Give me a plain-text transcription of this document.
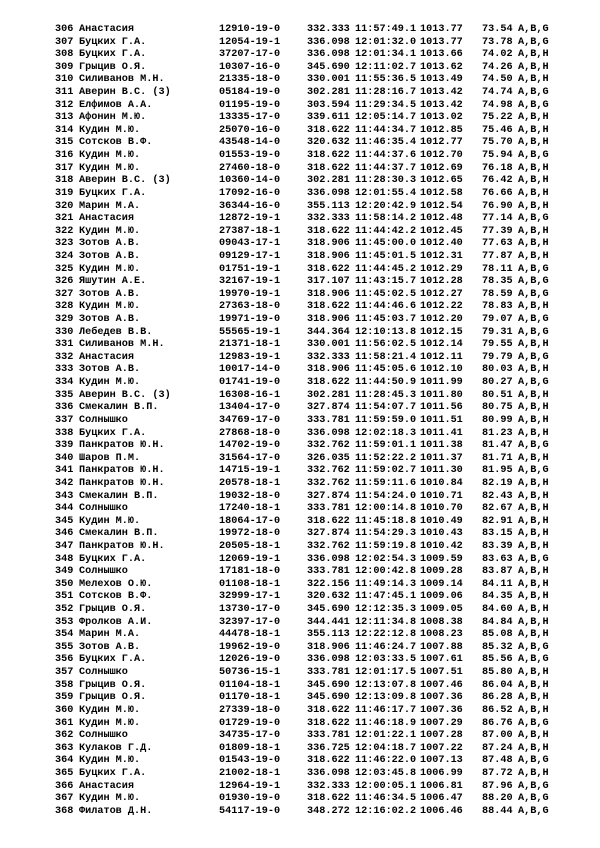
306 Анастасия	12910-19-0	332.333 11:57:49.1 1013.77 73.54 A,B,G
307 Буцких Г.А.	12054-19-1	336.098 12:01:32.0 1013.77 73.78 A,B,G
308 Буцких Г.А.	37207-17-0	336.098 12:01:34.1 1013.66 74.02 A,B,H
309 Грыцив О.Я.	10307-16-0	345.690 12:11:02.7 1013.62 74.26 A,B,H
310 Силиванов М.Н.	21335-18-0	330.001 11:55:36.5 1013.49 74.50 A,B,H
311 Аверин В.С. (3)	05184-19-0	302.281 11:28:16.7 1013.42 74.74 A,B,G
312 Елфимов А.А.	01195-19-0	303.594 11:29:34.5 1013.42 74.98 A,B,G
313 Афонин М.Ю.	13335-17-0	339.611 12:05:14.7 1013.02 75.22 A,B,H
314 Кудин М.Ю.	25070-16-0	318.622 11:44:34.7 1012.85 75.46 A,B,H
315 Сотсков В.Ф.	43548-14-0	320.632 11:46:35.4 1012.77 75.70 A,B,H
316 Кудин М.Ю.	01553-19-0	318.622 11:44:37.6 1012.70 75.94 A,B,G
317 Кудин М.Ю.	27460-18-0	318.622 11:44:37.7 1012.69 76.18 A,B,H
318 Аверин В.С. (3)	10360-14-0	302.281 11:28:30.3 1012.65 76.42 A,B,H
319 Буцких Г.А.	17092-16-0	336.098 12:01:55.4 1012.58 76.66 A,B,H
320 Марин М.А.	36344-16-0	355.113 12:20:42.9 1012.54 76.90 A,B,H
321 Анастасия	12872-19-1	332.333 11:58:14.2 1012.48 77.14 A,B,G
322 Кудин М.Ю.	27387-18-1	318.622 11:44:42.2 1012.45 77.39 A,B,H
323 Зотов А.В.	09043-17-1	318.906 11:45:00.0 1012.40 77.63 A,B,H
324 Зотов А.В.	09129-17-1	318.906 11:45:01.5 1012.31 77.87 A,B,H
325 Кудин М.Ю.	01751-19-1	318.622 11:44:45.2 1012.29 78.11 A,B,G
326 Яшутин А.Е.	32167-19-1	317.107 11:43:15.7 1012.28 78.35 A,B,G
327 Зотов А.В.	19970-19-1	318.906 11:45:02.5 1012.27 78.59 A,B,G
328 Кудин М.Ю.	27363-18-0	318.622 11:44:46.6 1012.22 78.83 A,B,H
329 Зотов А.В.	19971-19-0	318.906 11:45:03.7 1012.20 79.07 A,B,G
330 Лебедев В.В.	55565-19-1	344.364 12:10:13.8 1012.15 79.31 A,B,G
331 Силиванов М.Н.	21371-18-1	330.001 11:56:02.5 1012.14 79.55 A,B,H
332 Анастасия	12983-19-1	332.333 11:58:21.4 1012.11 79.79 A,B,G
333 Зотов А.В.	10017-14-0	318.906 11:45:05.6 1012.10 80.03 A,B,H
334 Кудин М.Ю.	01741-19-0	318.622 11:44:50.9 1011.99 80.27 A,B,G
335 Аверин В.С. (3)	16308-16-1	302.281 11:28:45.3 1011.80 80.51 A,B,H
336 Смекалин В.П.	13404-17-0	327.874 11:54:07.7 1011.56 80.75 A,B,H
337 Солнышко	34769-17-0	333.781 11:59:59.0 1011.51 80.99 A,B,H
338 Буцких Г.А.	27868-18-0	336.098 12:02:18.3 1011.41 81.23 A,B,H
339 Панкратов Ю.Н.	14702-19-0	332.762 11:59:01.1 1011.38 81.47 A,B,G
340 Шаров П.М.	31564-17-0	326.035 11:52:22.2 1011.37 81.71 A,B,H
341 Панкратов Ю.Н.	14715-19-1	332.762 11:59:02.7 1011.30 81.95 A,B,G
342 Панкратов Ю.Н.	20578-18-1	332.762 11:59:11.6 1010.84 82.19 A,B,H
343 Смекалин В.П.	19032-18-0	327.874 11:54:24.0 1010.71 82.43 A,B,H
344 Солнышко	17240-18-1	333.781 12:00:14.8 1010.70 82.67 A,B,H
345 Кудин М.Ю.	18064-17-0	318.622 11:45:18.8 1010.49 82.91 A,B,H
346 Смекалин В.П.	19972-18-0	327.874 11:54:29.3 1010.43 83.15 A,B,H
347 Панкратов Ю.Н.	20505-18-1	332.762 11:59:19.8 1010.42 83.39 A,B,H
348 Буцких Г.А.	12069-19-1	336.098 12:02:54.3 1009.59 83.63 A,B,G
349 Солнышко	17181-18-0	333.781 12:00:42.8 1009.28 83.87 A,B,H
350 Мелехов О.Ю.	01108-18-1	322.156 11:49:14.3 1009.14 84.11 A,B,H
351 Сотсков В.Ф.	32999-17-1	320.632 11:47:45.1 1009.06 84.35 A,B,H
352 Грыцив О.Я.	13730-17-0	345.690 12:12:35.3 1009.05 84.60 A,B,H
353 Фролков А.И.	32397-17-0	344.441 12:11:34.8 1008.38 84.84 A,B,H
354 Марин М.А.	44478-18-1	355.113 12:22:12.8 1008.23 85.08 A,B,H
355 Зотов А.В.	19962-19-0	318.906 11:46:24.7 1007.88 85.32 A,B,G
356 Буцких Г.А.	12026-19-0	336.098 12:03:33.5 1007.61 85.56 A,B,G
357 Солнышко	50736-15-1	333.781 12:01:17.5 1007.51 85.80 A,B,H
358 Грыцив О.Я.	01104-18-1	345.690 12:13:07.8 1007.46 86.04 A,B,H
359 Грыцив О.Я.	01170-18-1	345.690 12:13:09.8 1007.36 86.28 A,B,H
360 Кудин М.Ю.	27339-18-0	318.622 11:46:17.7 1007.36 86.52 A,B,H
361 Кудин М.Ю.	01729-19-0	318.622 11:46:18.9 1007.29 86.76 A,B,G
362 Солнышко	34735-17-0	333.781 12:01:22.1 1007.28 87.00 A,B,H
363 Кулаков Г.Д.	01809-18-1	336.725 12:04:18.7 1007.22 87.24 A,B,H
364 Кудин М.Ю.	01543-19-0	318.622 11:46:22.0 1007.13 87.48 A,B,G
365 Буцких Г.А.	21002-18-1	336.098 12:03:45.8 1006.99 87.72 A,B,H
366 Анастасия	12964-19-1	332.333 12:00:05.1 1006.81 87.96 A,B,G
367 Кудин М.Ю.	01930-19-0	318.622 11:46:34.5 1006.47 88.20 A,B,G
368 Филатов Д.Н.	54117-19-0	348.272 12:16:02.2 1006.46 88.44 A,B,G
